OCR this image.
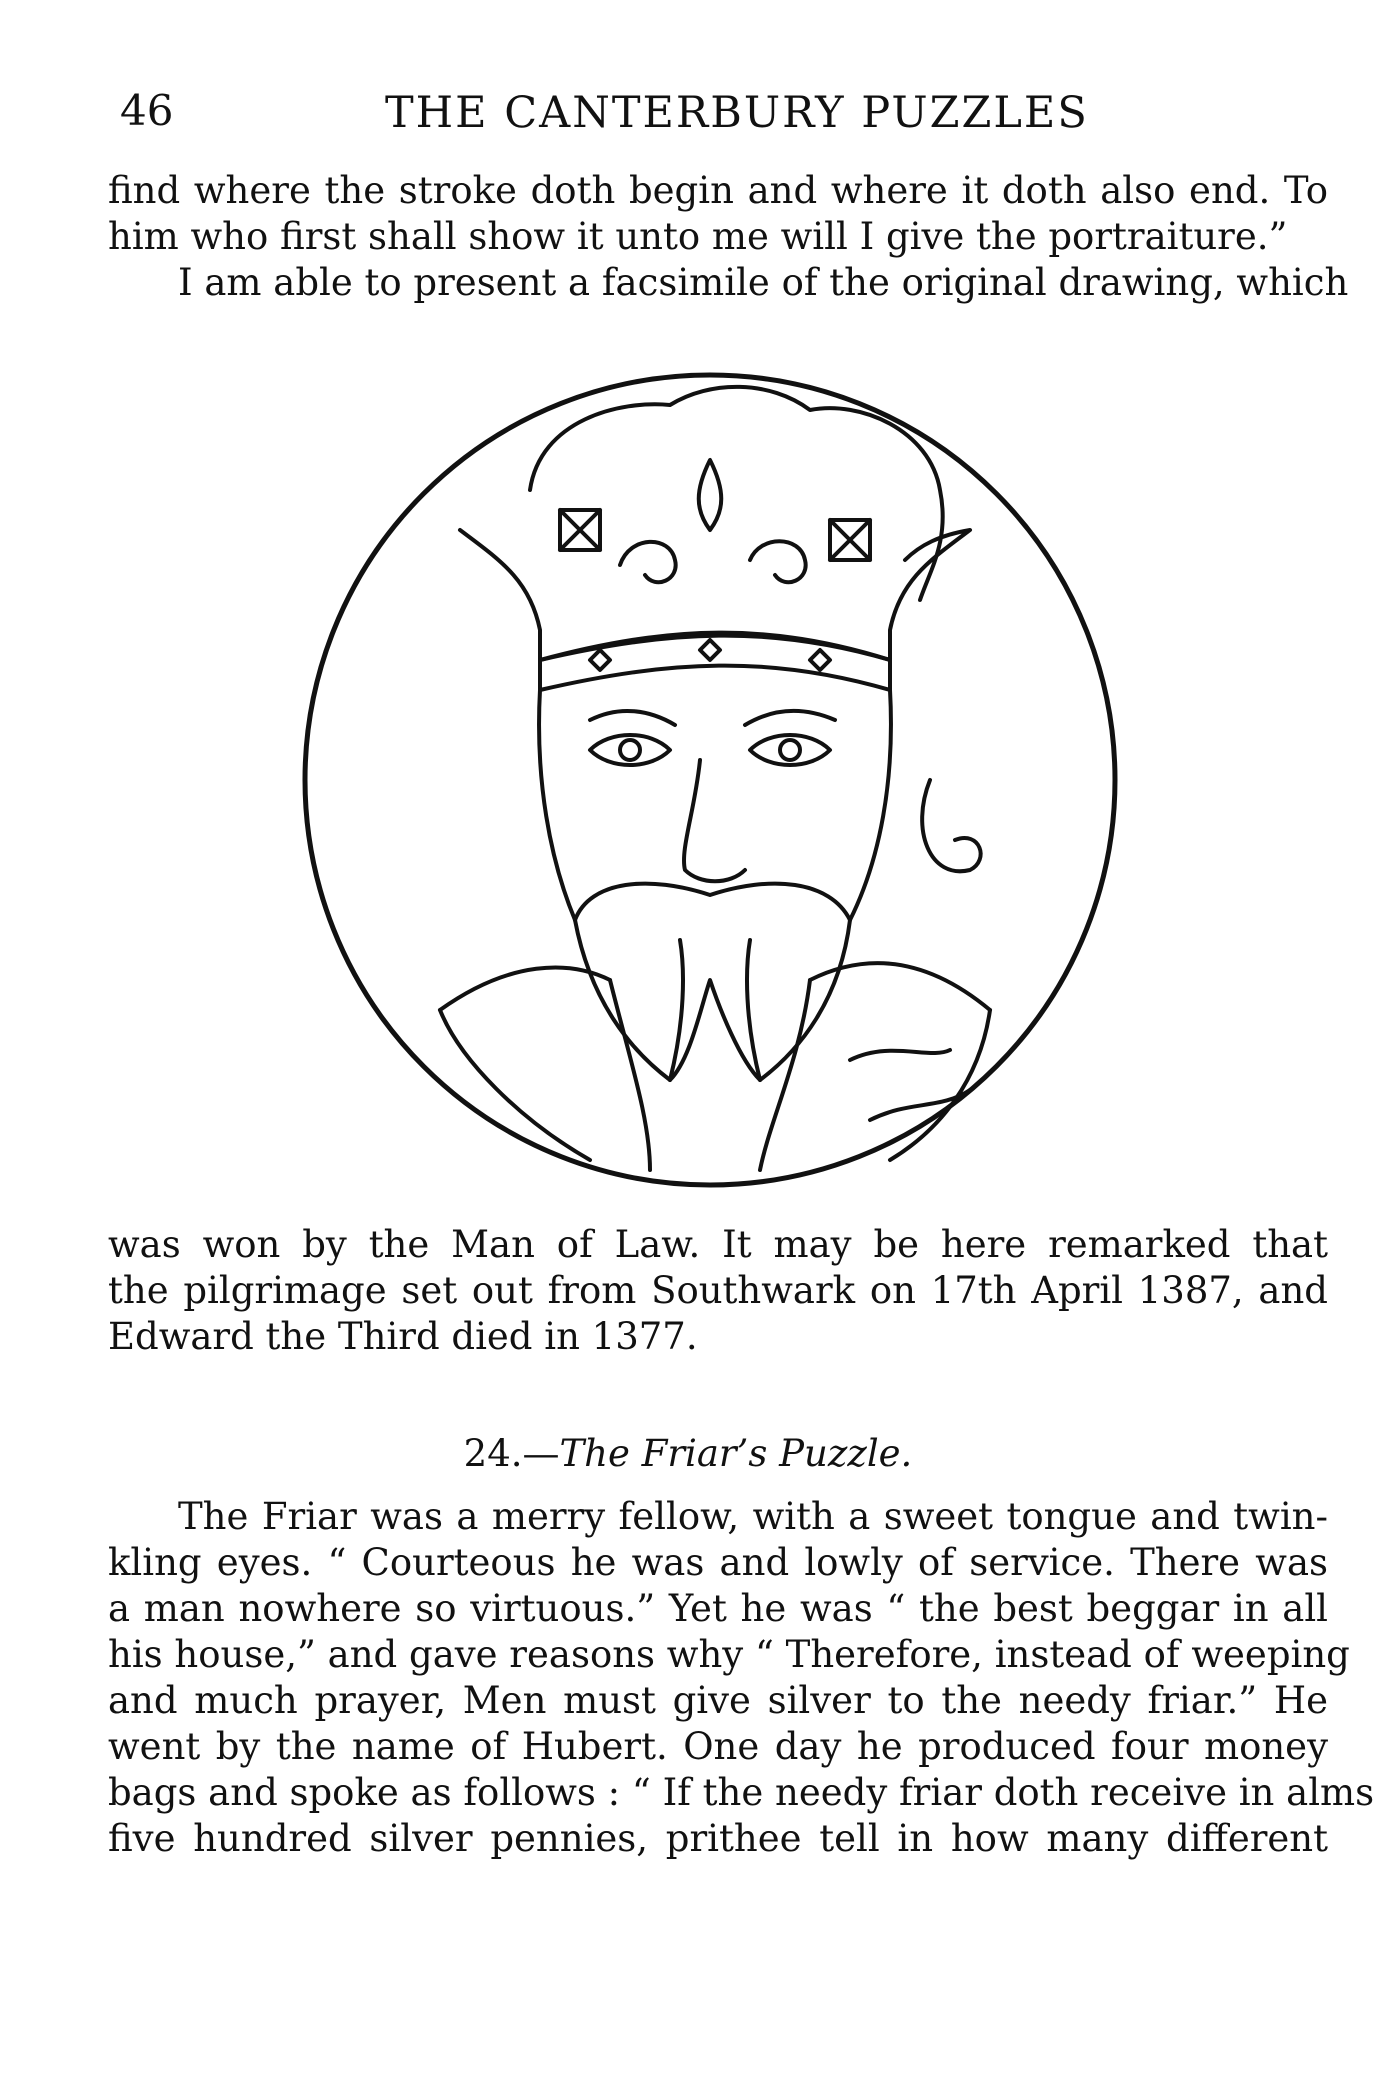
46	THE CANTERBURY PUZZLES
find where the stroke doth begin and where it doth also end. To
him who first shall show it unto me will I give the portraiture.”
I am able to present a facsimile of the original drawing, which
was won by the Man of Law. It may be here remarked that
the pilgrimage set out from Southwark on 17th April 1387, and
Edward the Third died in 1377.
24.—The Friar’s Puzzle.
The Friar was a merry fellow, with a sweet tongue and twin-
kling eyes. “ Courteous he was and lowly of service. There was
a man nowhere so virtuous.” Yet he was “ the best beggar in all
his house,” and gave reasons why “ Therefore, instead of weeping
and much prayer, Men must give silver to the needy friar.” He
went by the name of Hubert. One day he produced four money
bags and spoke as follows : “ If the needy friar doth receive in alms
five hundred silver pennies, prithee tell in how many different
